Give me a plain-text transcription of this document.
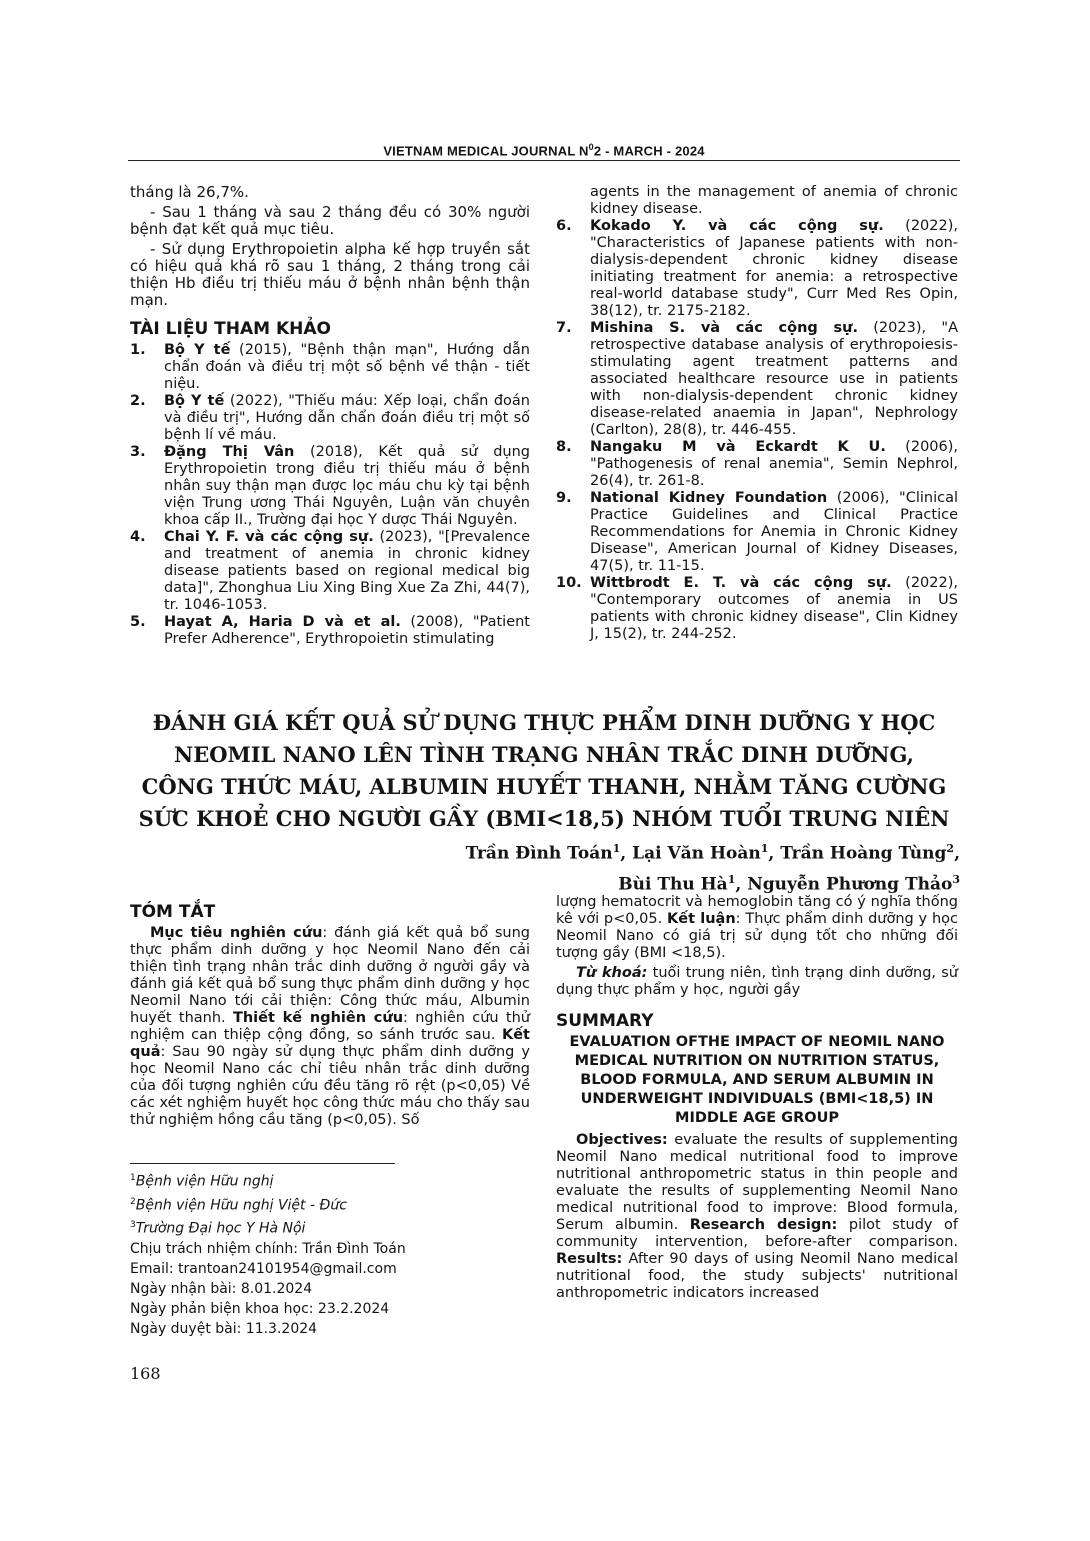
VIETNAM MEDICAL JOURNAL $N^02$ - MARCH - 2024

tháng là 26,7%.

- Sau 1 tháng và sau 2 tháng đều có 30% người bệnh đạt kết quả mục tiêu.

- Sử dụng Erythropoietin alpha kế hợp truyền sắt có hiệu quả khá rõ sau 1 tháng, 2 tháng trong cải thiện Hb điều trị thiếu máu ở bệnh nhân bệnh thận mạn.

TÀI LIỆU THAM KHẢO
1. Bộ Y tế (2015), "Bệnh thận mạn", Hướng dẫn chẩn đoán và điều trị một số bệnh về thận - tiết niệu.
2. Bộ Y tế (2022), "Thiếu máu: Xếp loại, chẩn đoán và điều trị", Hướng dẫn chẩn đoán điều trị một số bệnh lí về máu.
3. Đặng Thị Vân (2018), Kết quả sử dụng Erythropoietin trong điều trị thiếu máu ở bệnh nhân suy thận mạn được lọc máu chu kỳ tại bệnh viện Trung ương Thái Nguyên, Luận văn chuyên khoa cấp II., Trường đại học Y dược Thái Nguyên.
4. Chai Y. F. và các cộng sự. (2023), "[Prevalence and treatment of anemia in chronic kidney disease patients based on regional medical big data]", Zhonghua Liu Xing Bing Xue Za Zhi, 44(7), tr. 1046-1053.
5. Hayat A, Haria D và et al. (2008), "Patient Prefer Adherence", Erythropoietin stimulating
agents in the management of anemia of chronic kidney disease.
6. Kokado Y. và các cộng sự. (2022), "Characteristics of Japanese patients with non-dialysis-dependent chronic kidney disease initiating treatment for anemia: a retrospective real-world database study", Curr Med Res Opin, 38(12), tr. 2175-2182.
7. Mishina S. và các cộng sự. (2023), "A retrospective database analysis of erythropoiesis-stimulating agent treatment patterns and associated healthcare resource use in patients with non-dialysis-dependent chronic kidney disease-related anaemia in Japan", Nephrology (Carlton), 28(8), tr. 446-455.
8. Nangaku M và Eckardt K U. (2006), "Pathogenesis of renal anemia", Semin Nephrol, 26(4), tr. 261-8.
9. National Kidney Foundation (2006), "Clinical Practice Guidelines and Clinical Practice Recommendations for Anemia in Chronic Kidney Disease", American Journal of Kidney Diseases, 47(5), tr. 11-15.
10. Wittbrodt E. T. và các cộng sự. (2022), "Contemporary outcomes of anemia in US patients with chronic kidney disease", Clin Kidney J, 15(2), tr. 244-252.
ĐÁNH GIÁ KẾT QUẢ SỬ DỤNG THỰC PHẨM DINH DƯỠNG Y HỌC
NEOMIL NANO LÊN TÌNH TRẠNG NHÂN TRẮC DINH DƯỠNG,
CÔNG THỨC MÁU, ALBUMIN HUYẾT THANH, NHẰM TĂNG CƯỜNG
SỨC KHOẺ CHO NGƯỜI GẦY (BMI<18,5) NHÓM TUỔI TRUNG NIÊN
Trần Đình Toán$^1$, Lại Văn Hoàn$^1$, Trần Hoàng Tùng$^2$,
Bùi Thu $Hà^1$, Nguyễn Phương Thảo$^3$
TÓM TẮT

Mục tiêu nghiên cứu: đánh giá kết quả bổ sung thực phẩm dinh dưỡng y học Neomil Nano đến cải thiện tình trạng nhân trắc dinh dưỡng ở người gầy và đánh giá kết quả bổ sung thực phẩm dinh dưỡng y học Neomil Nano tới cải thiện: Công thức máu, Albumin huyết thanh. Thiết kế nghiên cứu: nghiên cứu thử nghiệm can thiệp cộng đồng, so sánh trước sau. Kết quả: Sau 90 ngày sử dụng thực phẩm dinh dưỡng y học Neomil Nano các chỉ tiêu nhân trắc dinh dưỡng của đối tượng nghiên cứu đều tăng rõ rệt (p<0,05) Về các xét nghiệm huyết học công thức máu cho thấy sau thử nghiệm hồng cầu tăng (p<0,05). Số

$^1$Bệnh viện Hữu nghị
$^2$Bệnh viện Hữu nghị Việt - Đức
$^3$Trường Đại học Y Hà Nội
Chịu trách nhiệm chính: Trần Đình Toán
Email: trantoan24101954@gmail.com
Ngày nhận bài: 8.01.2024
Ngày phản biện khoa học: 23.2.2024
Ngày duyệt bài: 11.3.2024

lượng hematocrit và hemoglobin tăng có ý nghĩa thống kê với p<0,05. Kết luận: Thực phẩm dinh dưỡng y học Neomil Nano có giá trị sử dụng tốt cho những đối tượng gầy (BMI <18,5).

Từ khoá: tuổi trung niên, tình trạng dinh dưỡng, sử dụng thực phẩm y học, người gầy

SUMMARY
EVALUATION OFTHE IMPACT OF NEOMIL NANO MEDICAL NUTRITION ON NUTRITION STATUS, BLOOD FORMULA, AND SERUM ALBUMIN IN UNDERWEIGHT INDIVIDUALS (BMI<18,5) IN MIDDLE AGE GROUP

Objectives: evaluate the results of supplementing Neomil Nano medical nutritional food to improve nutritional anthropometric status in thin people and evaluate the results of supplementing Neomil Nano medical nutritional food to improve: Blood formula, Serum albumin. Research design: pilot study of community intervention, before-after comparison. Results: After 90 days of using Neomil Nano medical nutritional food, the study subjects' nutritional anthropometric indicators increased

168
